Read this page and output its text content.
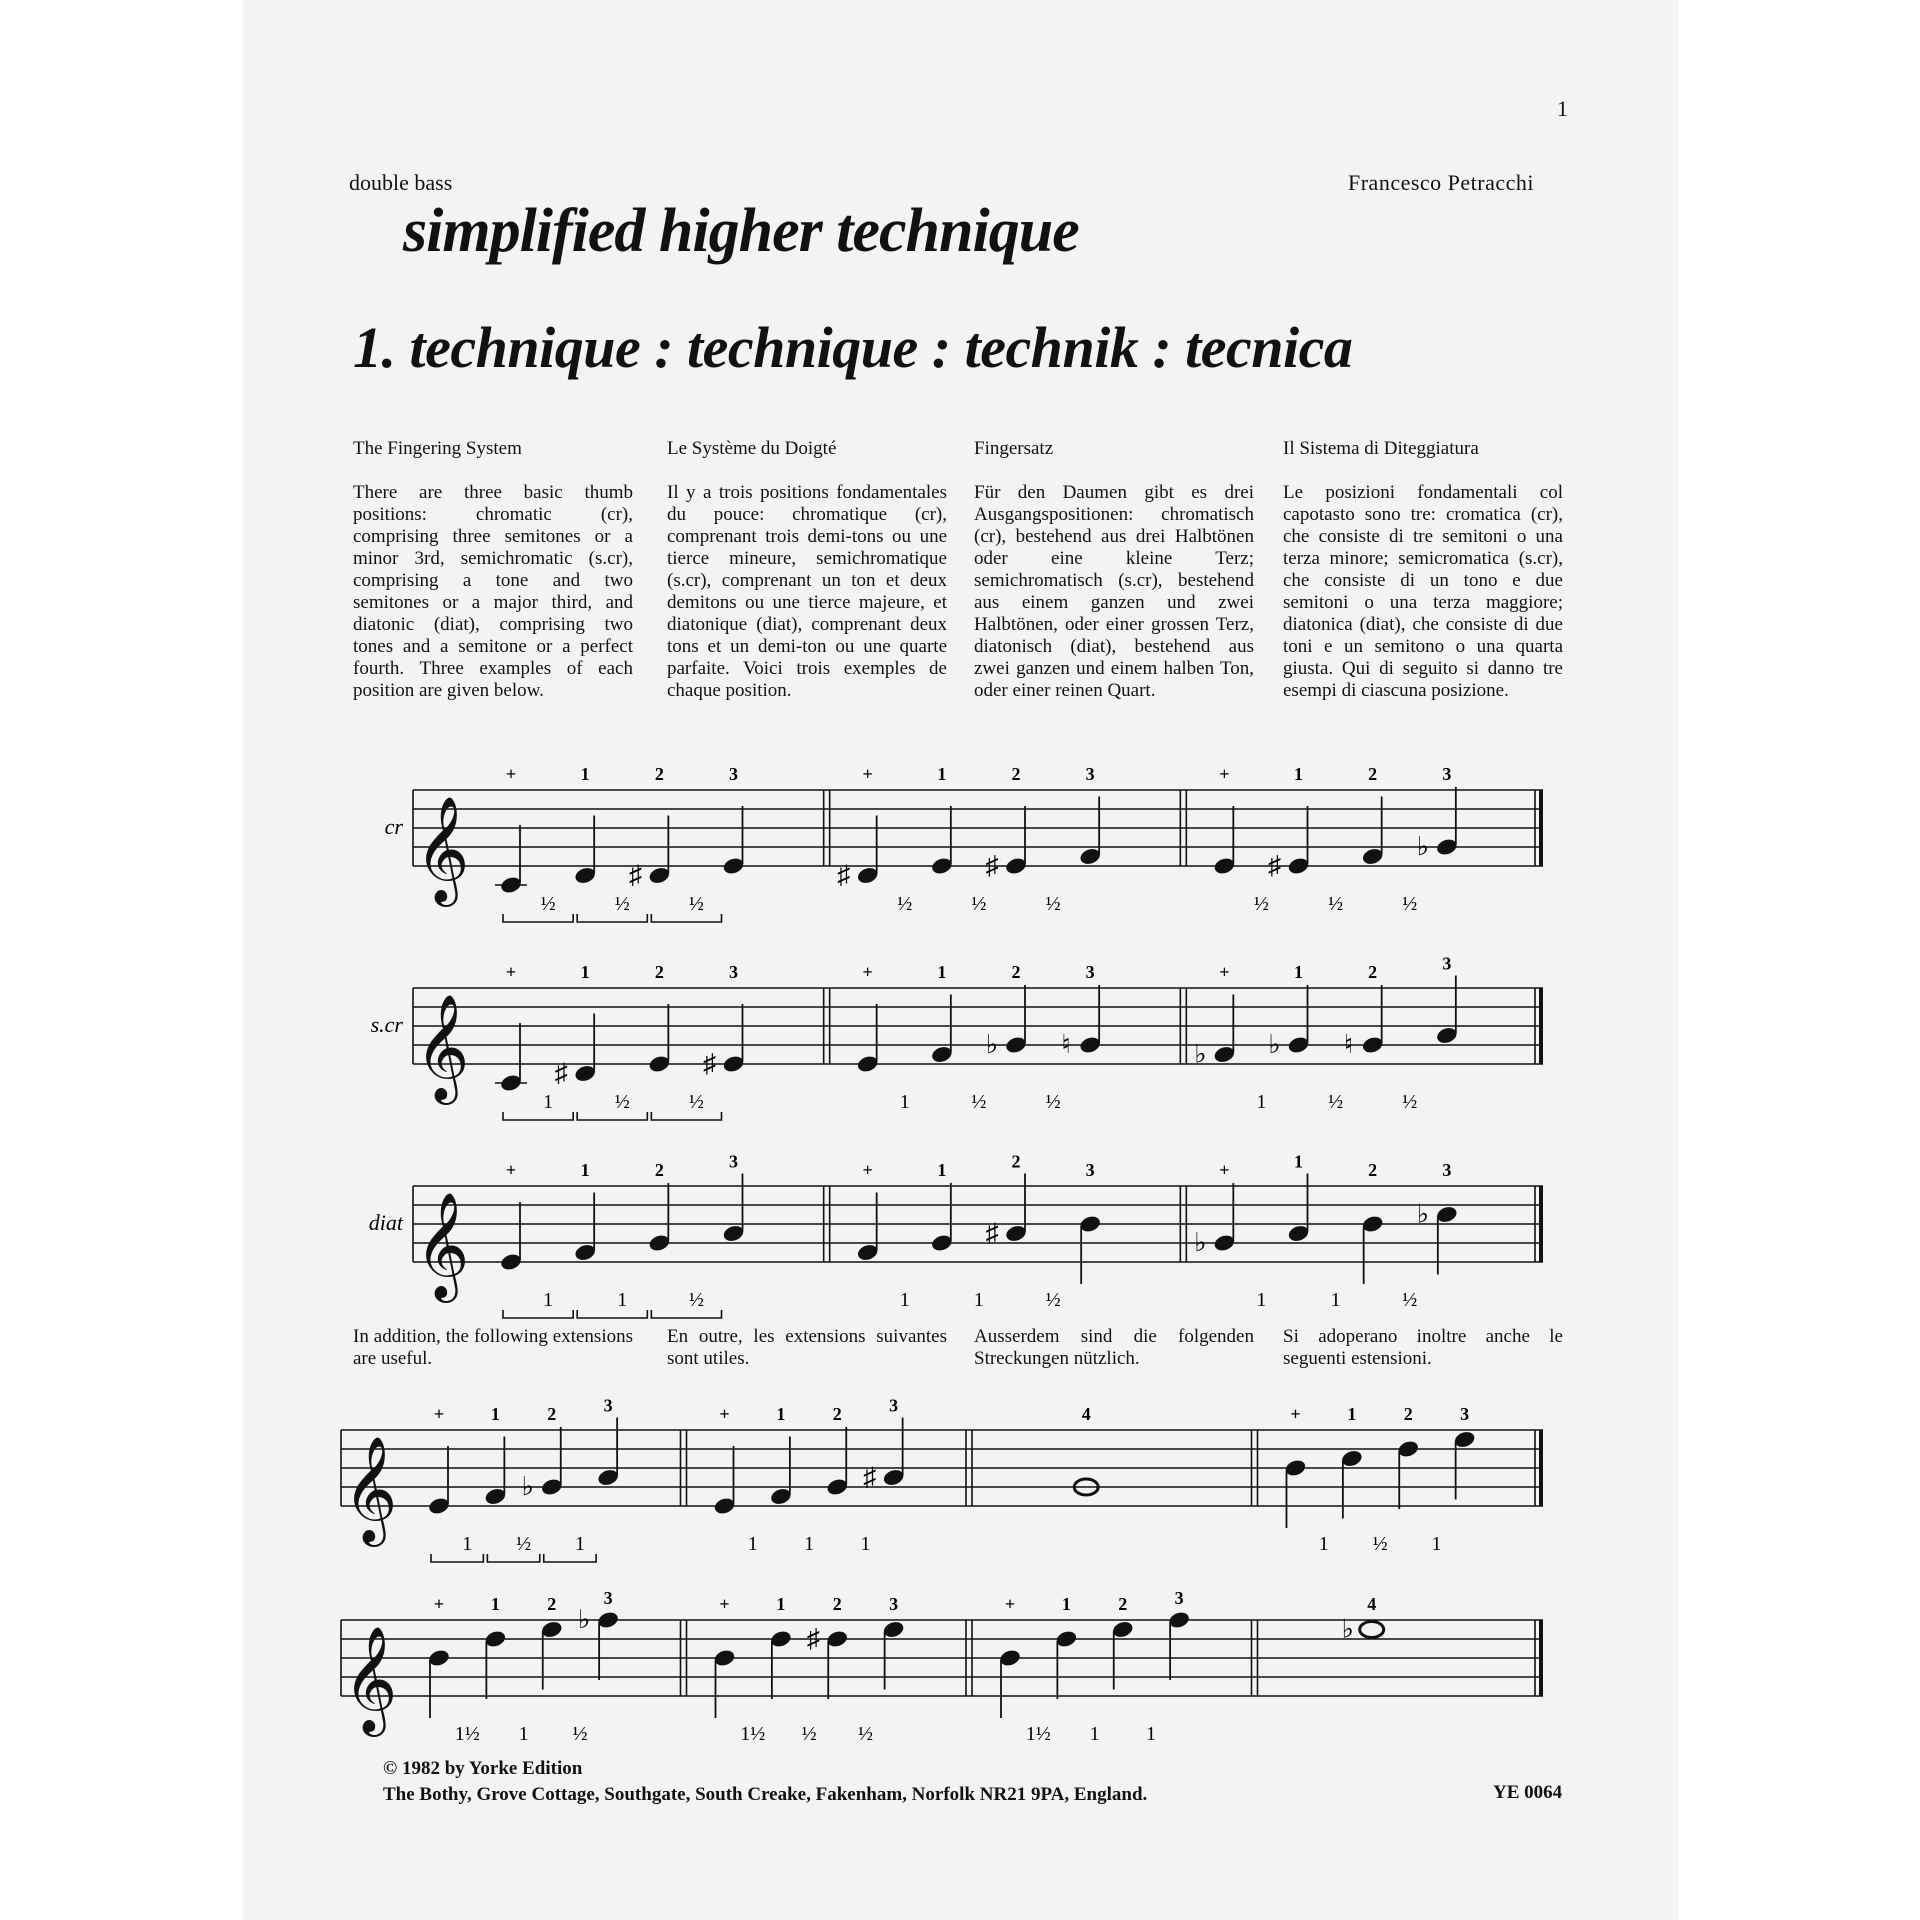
1
double bass	Francesco Petracchi
simplified higher technique
1. technique : technique : technik : tecnica
The Fingering System
There are three basic thumb positions: chromatic (cr), comprising three semitones or a minor 3rd, semichromatic (s.cr), comprising a tone and two semitones or a major third, and diatonic (diat), comprising two tones and a semitone or a perfect fourth. Three examples of each position are given below.
Le Système du Doigté
Il y a trois positions fondamentales du pouce: chromatique (cr), comprenant trois demi-tons ou une tierce mineure, semichromatique (s.cr), comprenant un ton et deux demitons ou une tierce majeure, et diatonique (diat), comprenant deux tons et un demi-ton ou une quarte parfaite. Voici trois exemples de chaque position.
Fingersatz
Für den Daumen gibt es drei Ausgangspositionen: chromatisch (cr), bestehend aus drei Halbtönen oder eine kleine Terz; semichromatisch (s.cr), bestehend aus einem ganzen und zwei Halbtönen, oder einer grossen Terz, diatonisch (diat), bestehend aus zwei ganzen und einem halben Ton, oder einer reinen Quart.
Il Sistema di Diteggiatura
Le posizioni fondamentali col capotasto sono tre: cromatica (cr), che consiste di tre semitoni o una terza minore; semicromatica (s.cr), che consiste di un tono e due semitoni o una terza maggiore; diatonica (diat), che consiste di due toni e un semitono o una quarta giusta. Qui di seguito si danno tre esempi di ciascuna posizione.
cr 𝄞
+	1
♯
2	3
½	½	½
♯
+	1
♯
2	3
½	½	½
+
♯
1	2
♭
3
½	½	½
s.cr 𝄞
+
♯
1	2
♯
3
1	½	½
+	1
♭
2
♮
3
1	½	½
♭
+
♭
1
♮
2	3
1	½	½
diat 𝄞
+	1	2	3
1	1	½
+	1
♯
2	3
1	1	½
♭
+	1	2
♭
3
1	1	½
In addition, the following extensions are useful.
En outre, les extensions suivantes sont utiles.
Ausserdem sind die folgenden Streckungen nützlich.
Si adoperano inoltre anche le seguenti estensioni.
𝄞
+	1
♭
2	3
1 ½ 1
+	1	2
♯
3
1 1 1
4	+	1	2	3
1 ½ 1
𝄞
+	1	2
♭
3
1½ 1 ½
+	1
♯
2	3
1½ ½ ½
+	1	2	3
1½ 1 1
♭
4
© 1982 by Yorke Edition
The Bothy, Grove Cottage, Southgate, South Creake, Fakenham, Norfolk NR21 9PA, England.	YE 0064
